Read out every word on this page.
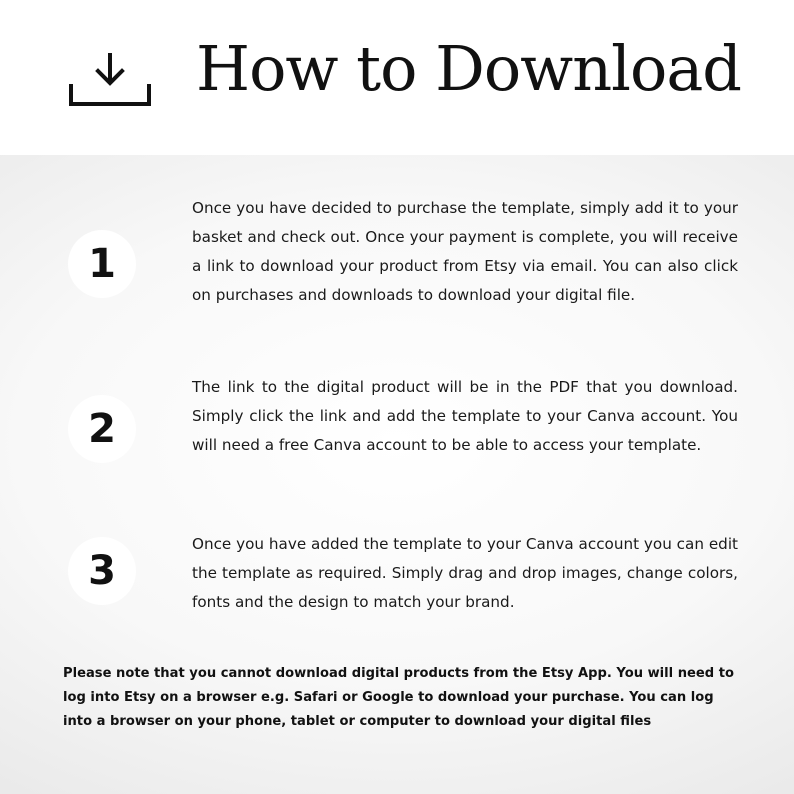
How to Download
1

Once you have decided to purchase the template, simply add it to your basket and check out. Once your payment is complete, you will receive a link to download your product from Etsy via email. You can also click on purchases and downloads to download your digital file.

2

The link to the digital product will be in the PDF that you download. Simply click the link and add the template to your Canva account. You will need a free Canva account to be able to access your template.

3

Once you have added the template to your Canva account you can edit the template as required. Simply drag and drop images, change colors, fonts and the design to match your brand.

Please note that you cannot download digital products from the Etsy App. You will need to log into Etsy on a browser e.g. Safari or Google to download your purchase. You can log into a browser on your phone, tablet or computer to download your digital files
